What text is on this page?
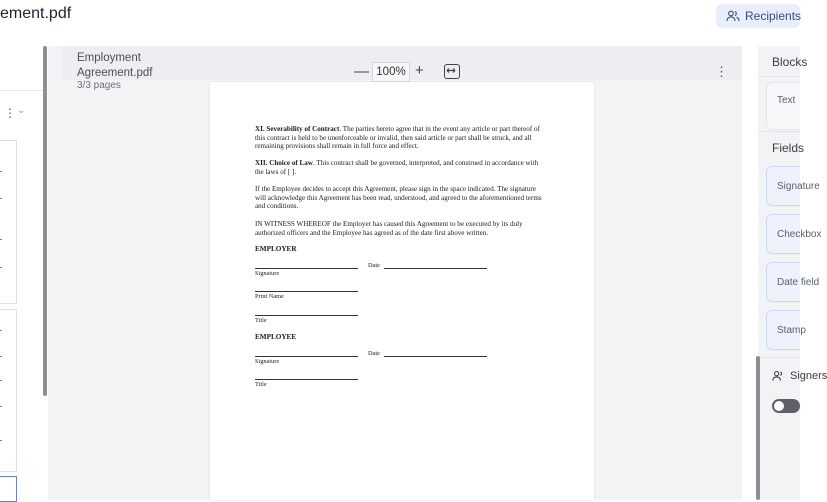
ement.pdf	Recipients
⋮ ⌄
Employment Agreement.pdf
3/3 pages
— 100% +	⋮
XI. Severability of Contract. The parties hereto agree that in the event any article or part thereof of this contract is held to be unenforceable or invalid, then said article or part shall be struck, and all remaining provisions shall remain in full force and effect.
XII. Choice of Law. This contract shall be governed, interpreted, and construed in accordance with the laws of [ ].
If the Employee decides to accept this Agreement, please sign in the space indicated. The signature will acknowledge this Agreement has been read, understood, and agreed to the aforementioned terms and conditions.
IN WITNESS WHEREOF the Employer has caused this Agreement to be executed by its duly authorized officers and the Employee has agreed as of the date first above written.
EMPLOYER
Date
Signature
Print Name
Title
EMPLOYEE
Date
Signature
Title
Blocks
Text
Fields
Signature
Checkbox
Date field
Stamp
Signers
